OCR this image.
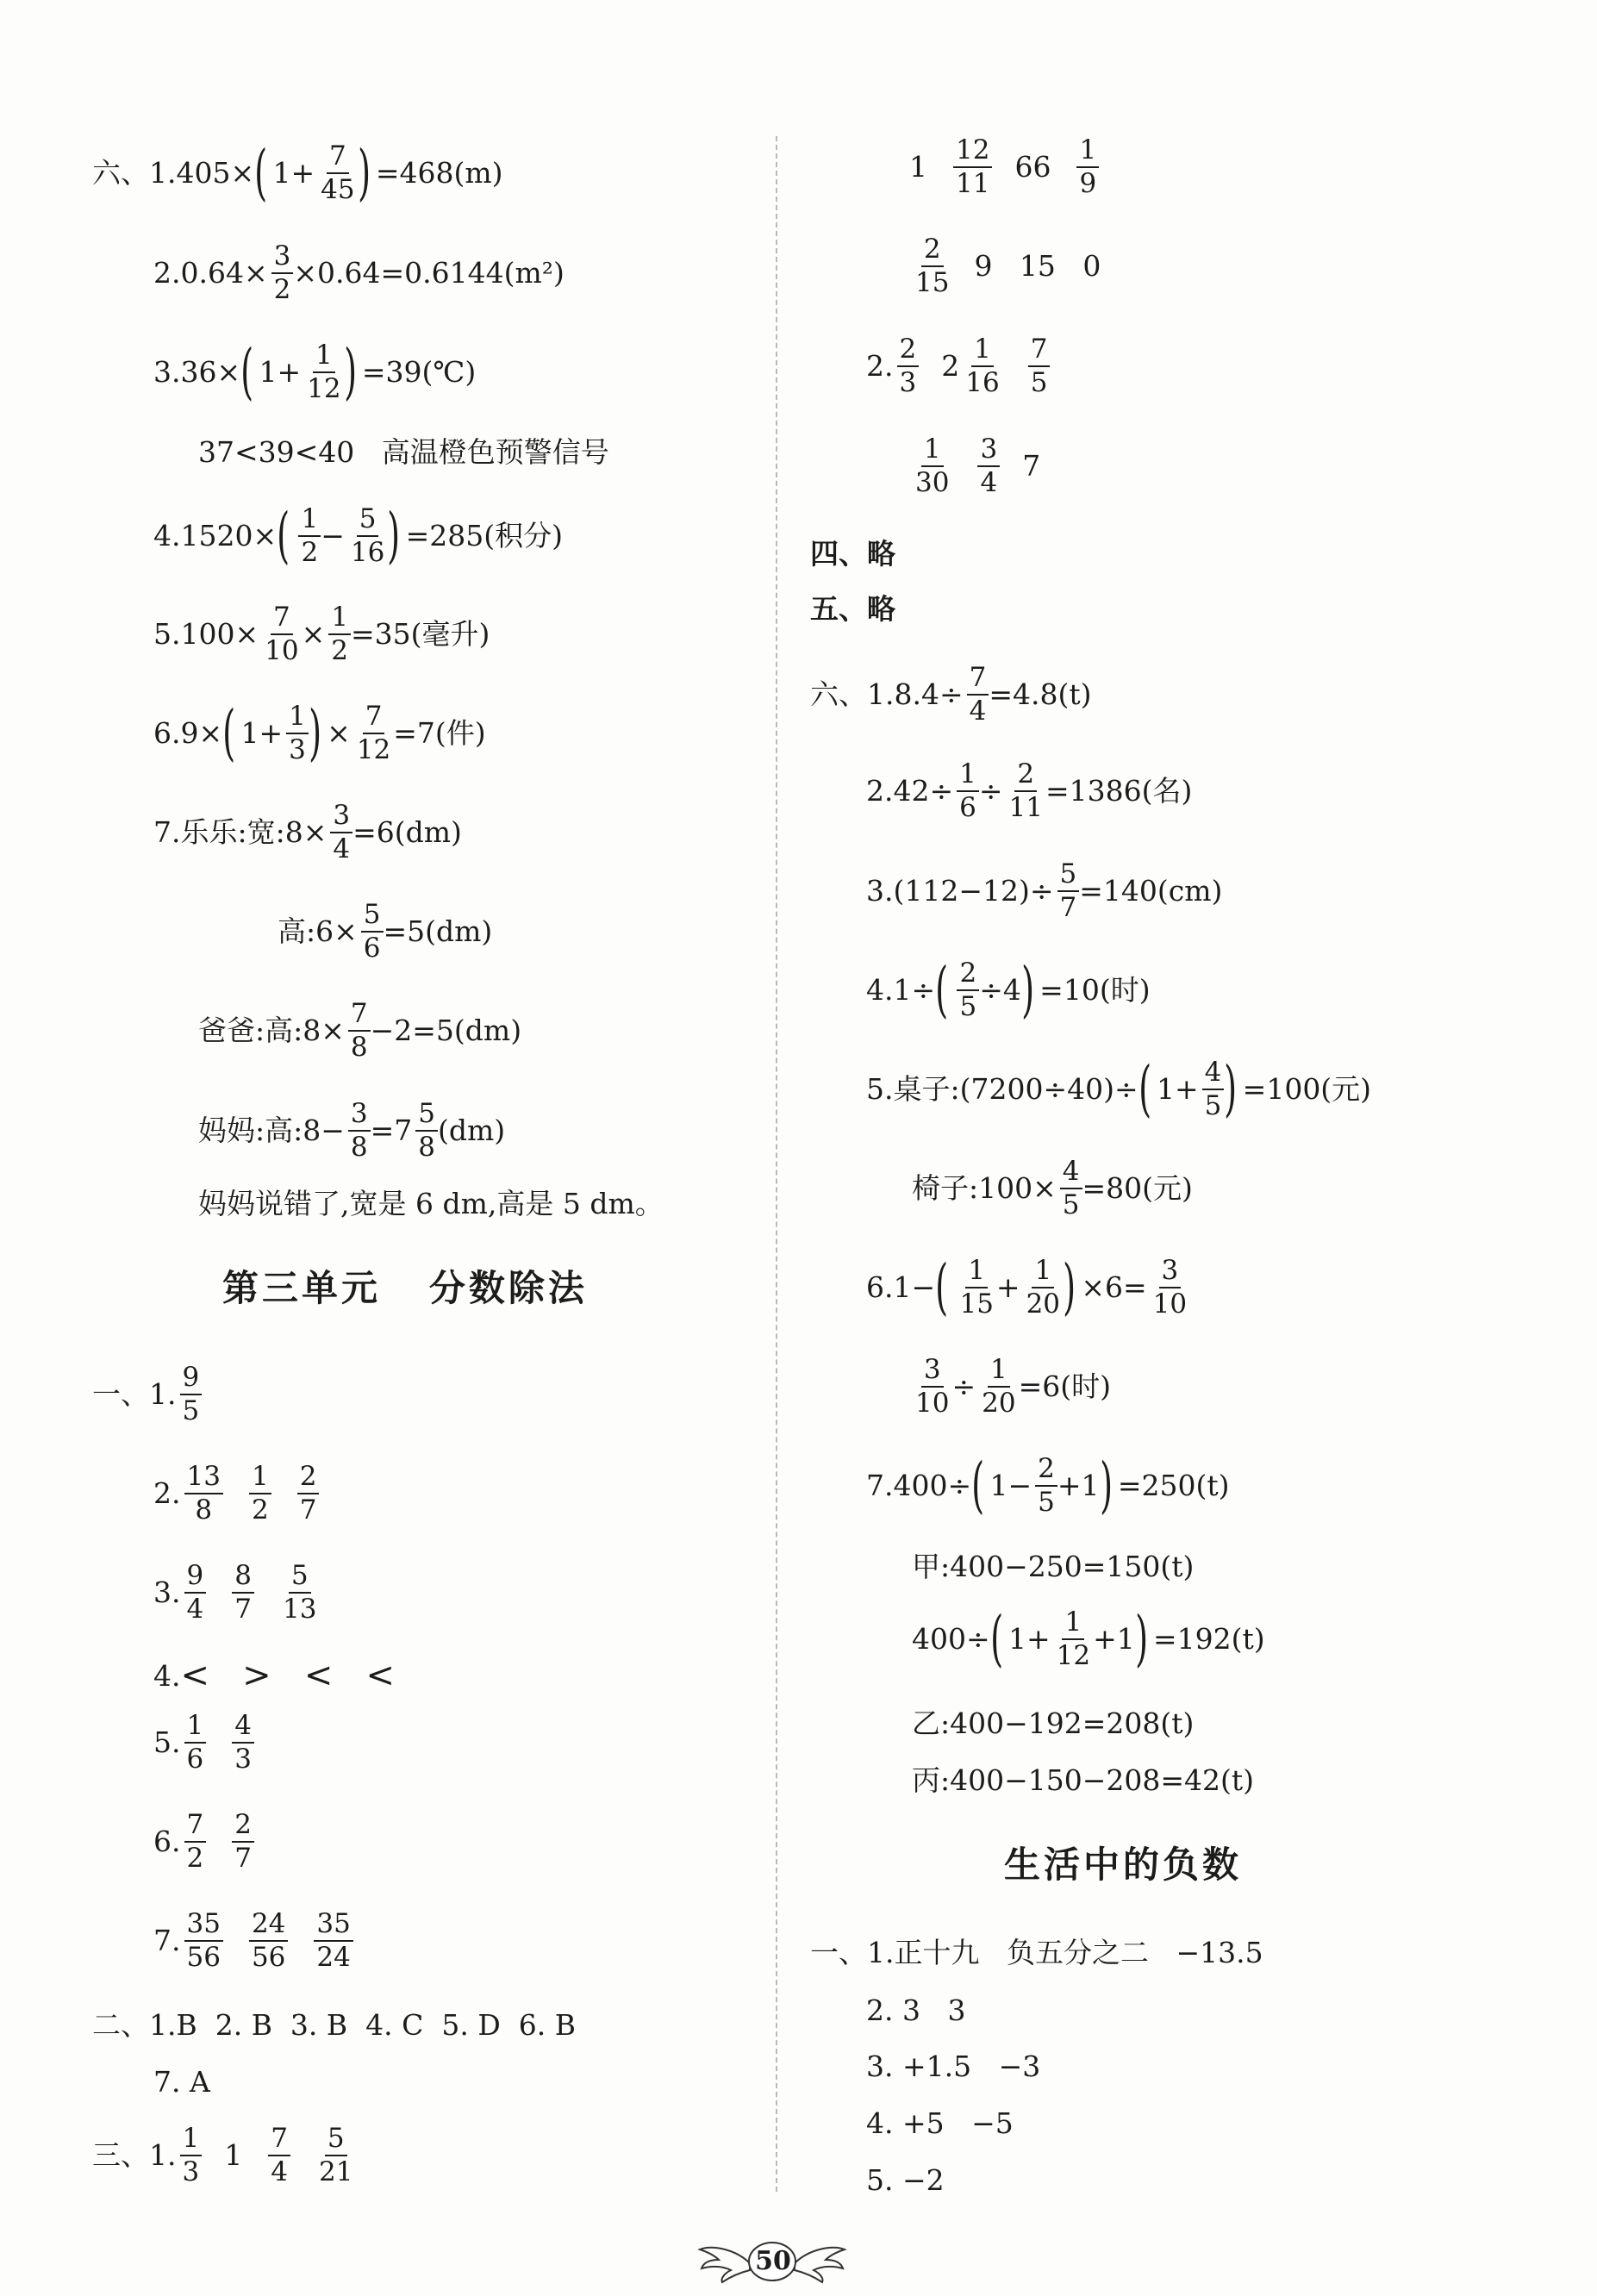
六、1. 405× ( $1+ \frac{7}{45}$ ) =468(m)
2. $0.64\times \frac{3}{2} \times 0.64=0.6144(m^2)$
3. 36× ( $1+ \frac{1}{12}$ ) =39(℃)
37<39<40   高温橙色预警信号
4. 1520× ( $\frac{1}{2} - \frac{5}{16}$ ) =285(积分)
5. $100\times \frac{7}{10} \times \frac{1}{2} =35$(毫升)
6. 9× ( $1+ \frac{1}{3}$ ) × $\frac{7}{12} =7$(件)
7. 乐乐:宽:8× $\frac{3}{4} =6(dm)$
高:6× $\frac{5}{6} =5(dm)$
爸爸:高:8× $\frac{7}{8} -2=5(dm)$
妈妈:高:8− $\frac{3}{8} =7 \frac{5}{8} (dm)$
妈妈说错了,宽是 6 dm,高是 5 dm。
第三单元   分数除法
一、1. $\frac{9}{5}$
2. $\frac{13}{8} \frac{1}{2} \frac{2}{7}$
3. $\frac{9}{4} \frac{8}{7} \frac{5}{13}$
4. <   >   <   <
5. $\frac{1}{6} \frac{4}{3}$
6. $\frac{7}{2} \frac{2}{7}$
7. $\frac{35}{56} \frac{24}{56} \frac{35}{24}$
二、1. B  2. B  3. B  4. C  5. D  6. B
7. A
三、1. $\frac{1}{3} 1 \frac{7}{4} \frac{5}{21}$
$1 \frac{12}{11} 66 \frac{1}{9}$
$\frac{2}{15} 9$   15   0
2. $\frac{2}{3} 2 \frac{1}{16} \frac{7}{5}$
$\frac{1}{30} \frac{3}{4} 7$
四、略
五、略
六、1. $8.4\div \frac{7}{4} =4.8(t)$
2. $42\div \frac{1}{6} \div \frac{2}{11} =1386$(名)
3. $(112-12)\div \frac{5}{7} =140(cm)$
4. 1÷ ( $\frac{2}{5} \div 4$ ) =10(时)
5. 桌子:(7200÷40)÷ ( $1+ \frac{4}{5}$ ) =100(元)
椅子:100× $\frac{4}{5} =80$(元)
6. 1− ( $\frac{1}{15} + \frac{1}{20}$ ) $\times 6= \frac{3}{10}$
$\frac{3}{10} \div \frac{1}{20} =6$(时)
7. 400÷ ( $1- \frac{2}{5} +1$ ) =250(t)
甲:400−250=150(t)
400÷ ( $1+ \frac{1}{12} +1$ ) =192(t)
乙:400−192=208(t)
丙:400−150−208=42(t)
生活中的负数
一、1. 正十九   负五分之二   −13.5
2. 3   3
3. +1.5   −3
4. +5   −5
5. −2
50
